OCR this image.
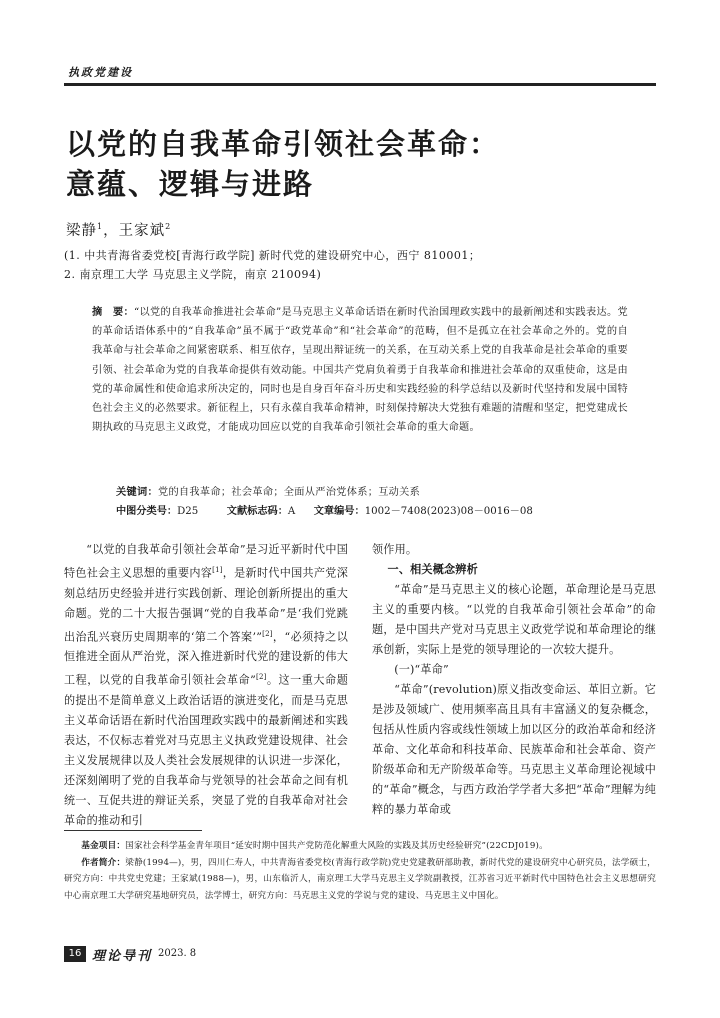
执政党建设
以党的自我革命引领社会革命：
意蕴、逻辑与进路
梁静$^1$，王家斌$^2$
(1. 中共青海省委党校[青海行政学院] 新时代党的建设研究中心，西宁 810001；
2. 南京理工大学 马克思主义学院，南京 210094)
摘　要：“以党的自我革命推进社会革命”是马克思主义革命话语在新时代治国理政实践中的最新阐述和实践表达。党的革命话语体系中的“自我革命”虽不属于“政党革命”和“社会革命”的范畴，但不是孤立在社会革命之外的。党的自我革命与社会革命之间紧密联系、相互依存，呈现出辩证统一的关系，在互动关系上党的自我革命是社会革命的重要引领、社会革命为党的自我革命提供有效动能。中国共产党肩负着勇于自我革命和推进社会革命的双重使命，这是由党的革命属性和使命追求所决定的，同时也是自身百年奋斗历史和实践经验的科学总结以及新时代坚持和发展中国特色社会主义的必然要求。新征程上，只有永葆自我革命精神，时刻保持解决大党独有难题的清醒和坚定，把党建成长期执政的马克思主义政党，才能成功回应以党的自我革命引领社会革命的重大命题。
关键词：党的自我革命；社会革命；全面从严治党体系；互动关系
中图分类号：D25	文献标志码：A 文章编号：1002－7408(2023)08－0016－08

“以党的自我革命引领社会革命”是习近平新时代中国特色社会主义思想的重要内容[1]，是新时代中国共产党深刻总结历史经验并进行实践创新、理论创新所提出的重大命题。党的二十大报告强调“党的自我革命”是‘我们党跳出治乱兴衰历史周期率的‘第二个答案’”[2]，“必须持之以恒推进全面从严治党，深入推进新时代党的建设新的伟大工程，以党的自我革命引领社会革命”[2]。这一重大命题的提出不是简单意义上政治话语的演进变化，而是马克思主义革命话语在新时代治国理政实践中的最新阐述和实践表达，不仅标志着党对马克思主义执政党建设规律、社会主义发展规律以及人类社会发展规律的认识进一步深化，还深刻阐明了党的自我革命与党领导的社会革命之间有机统一、互促共进的辩证关系，突显了党的自我革命对社会革命的推动和引

领作用。

一、相关概念辨析

“革命”是马克思主义的核心论题，革命理论是马克思主义的重要内核。“以党的自我革命引领社会革命”的命题，是中国共产党对马克思主义政党学说和革命理论的继承创新，实际上是党的领导理论的一次较大提升。

(一)“革命”

“革命”(revolution)原义指改变命运、革旧立新。它是涉及领域广、使用频率高且具有丰富涵义的复杂概念，包括从性质内容或线性领域上加以区分的政治革命和经济革命、文化革命和科技革命、民族革命和社会革命、资产阶级革命和无产阶级革命等。马克思主义革命理论视域中的“革命”概念，与西方政治学学者大多把“革命”理解为纯粹的暴力革命或

基金项目：国家社会科学基金青年项目“延安时期中国共产党防范化解重大风险的实践及其历史经验研究”(22CDJ019)。

作者简介：梁静(1994—)，男，四川仁寿人，中共青海省委党校(青海行政学院)党史党建教研部助教，新时代党的建设研究中心研究员，法学硕士，研究方向：中共党史党建；王家斌(1988—)，男，山东临沂人，南京理工大学马克思主义学院副教授，江苏省习近平新时代中国特色社会主义思想研究中心南京理工大学研究基地研究员，法学博士，研究方向：马克思主义党的学说与党的建设、马克思主义中国化。

16 理论导刊 2023. 8
